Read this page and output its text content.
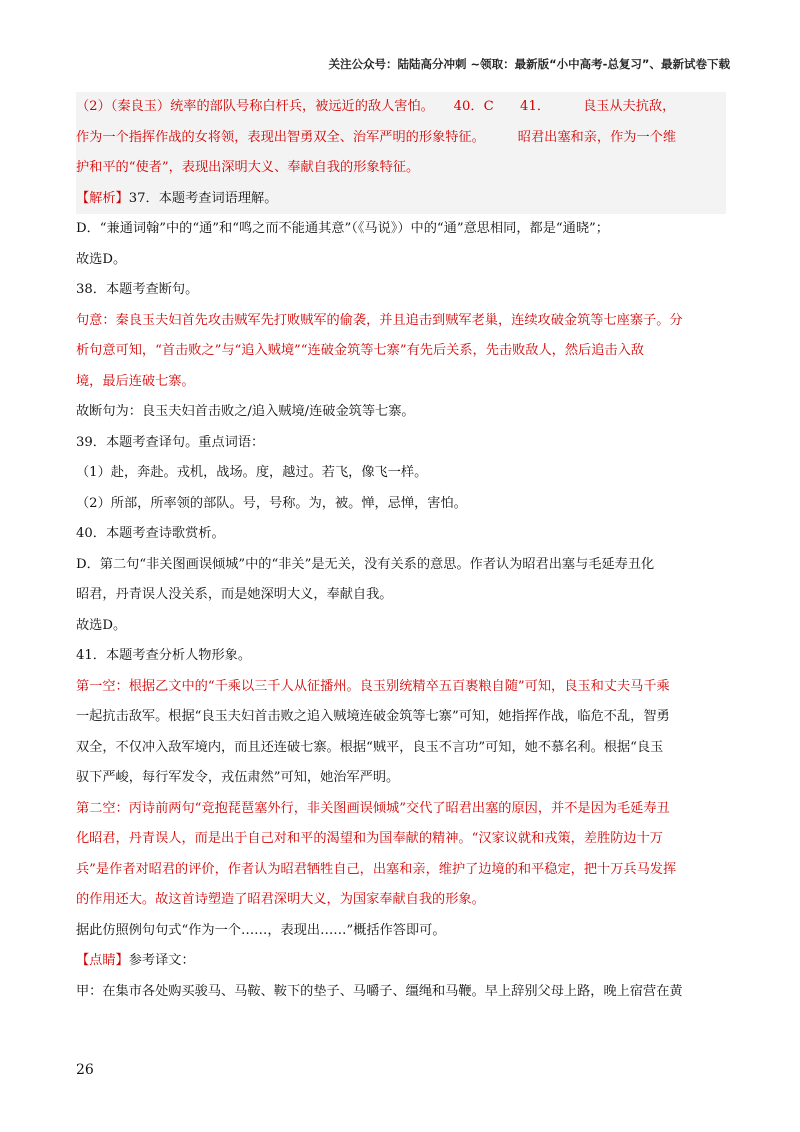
关注公众号：陆陆高分冲刺 ~领取：最新版“小中高考-总复习”、最新试卷下载
（2）（秦良玉）统率的部队号称白杆兵，被远近的敌人害怕。　　40．C　　41．　　　良玉从夫抗敌，
作为一个指挥作战的女将领，表现出智勇双全、治军严明的形象特征。　　　昭君出塞和亲，作为一个维
护和平的“使者”，表现出深明大义、奉献自我的形象特征。
【解析】37．本题考查词语理解。
D．“兼通词翰”中的“通”和“鸣之而不能通其意”（《马说》）中的“通”意思相同，都是“通晓”；
故选D。
38．本题考查断句。
句意：秦良玉夫妇首先攻击贼军先打败贼军的偷袭，并且追击到贼军老巢，连续攻破金筑等七座寨子。分
析句意可知，“首击败之”与“追入贼境”“连破金筑等七寨”有先后关系，先击败敌人，然后追击入敌
境，最后连破七寨。
故断句为：良玉夫妇首击败之/追入贼境/连破金筑等七寨。
39．本题考查译句。重点词语：
（1）赴，奔赴。戎机，战场。度，越过。若飞，像飞一样。
（2）所部，所率领的部队。号，号称。为，被。惮，忌惮，害怕。
40．本题考查诗歌赏析。
D．第二句“非关图画误倾城”中的“非关”是无关，没有关系的意思。作者认为昭君出塞与毛延寿丑化
昭君，丹青误人没关系，而是她深明大义，奉献自我。
故选D。
41．本题考查分析人物形象。
第一空：根据乙文中的“千乘以三千人从征播州。良玉别统精卒五百裹粮自随”可知，良玉和丈夫马千乘
一起抗击敌军。根据“良玉夫妇首击败之追入贼境连破金筑等七寨”可知，她指挥作战，临危不乱，智勇
双全，不仅冲入敌军境内，而且还连破七寨。根据“贼平，良玉不言功”可知，她不慕名利。根据“良玉
驭下严峻，每行军发令，戎伍肃然”可知，她治军严明。
第二空：丙诗前两句“竞抱琵琶塞外行，非关图画误倾城”交代了昭君出塞的原因，并不是因为毛延寿丑
化昭君，丹青误人，而是出于自己对和平的渴望和为国奉献的精神。“汉家议就和戎策，差胜防边十万
兵”是作者对昭君的评价，作者认为昭君牺牲自己，出塞和亲，维护了边境的和平稳定，把十万兵马发挥
的作用还大。故这首诗塑造了昭君深明大义，为国家奉献自我的形象。
据此仿照例句句式“作为一个……，表现出……”概括作答即可。
【点睛】参考译文：
甲：在集市各处购买骏马、马鞍、鞍下的垫子、马嚼子、缰绳和马鞭。早上辞别父母上路，晚上宿营在黄
26
